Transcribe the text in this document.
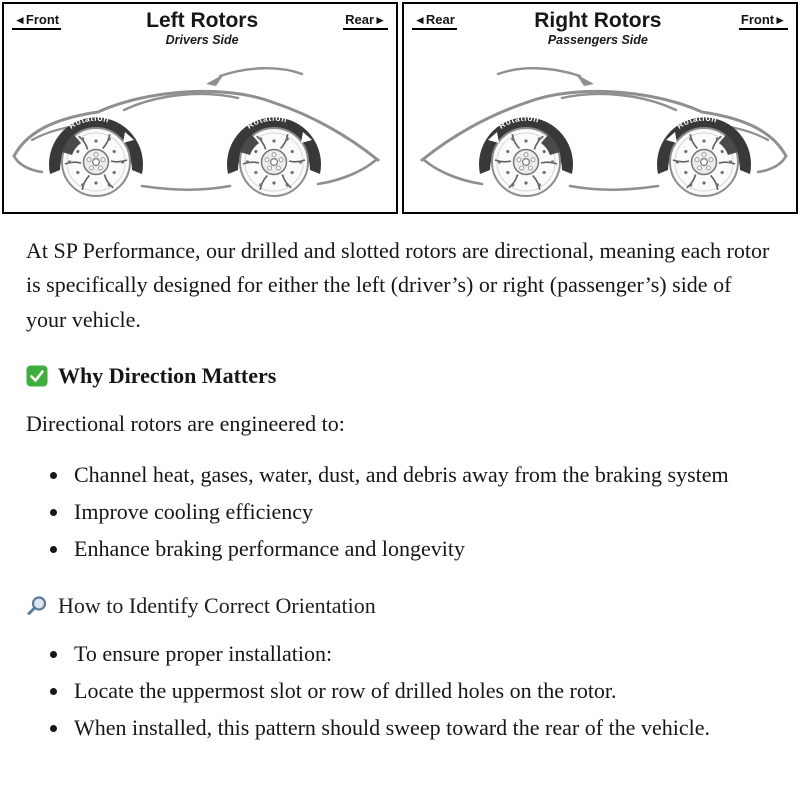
◄Front	Left Rotors
Drivers Side
Rear►
Rotation	Rotation
◄Rear	Right Rotors
Passengers Side
Front►
Rotation	Rotation

At SP Performance, our drilled and slotted rotors are directional, meaning each rotor is specifically designed for either the left (driver’s) or right (passenger’s) side of your vehicle.

Why Direction Matters

Directional rotors are engineered to:

• Channel heat, gases, water, dust, and debris away from the braking system
• Improve cooling efficiency
• Enhance braking performance and longevity
How to Identify Correct Orientation
• To ensure proper installation:
• Locate the uppermost slot or row of drilled holes on the rotor.
• When installed, this pattern should sweep toward the rear of the vehicle.
